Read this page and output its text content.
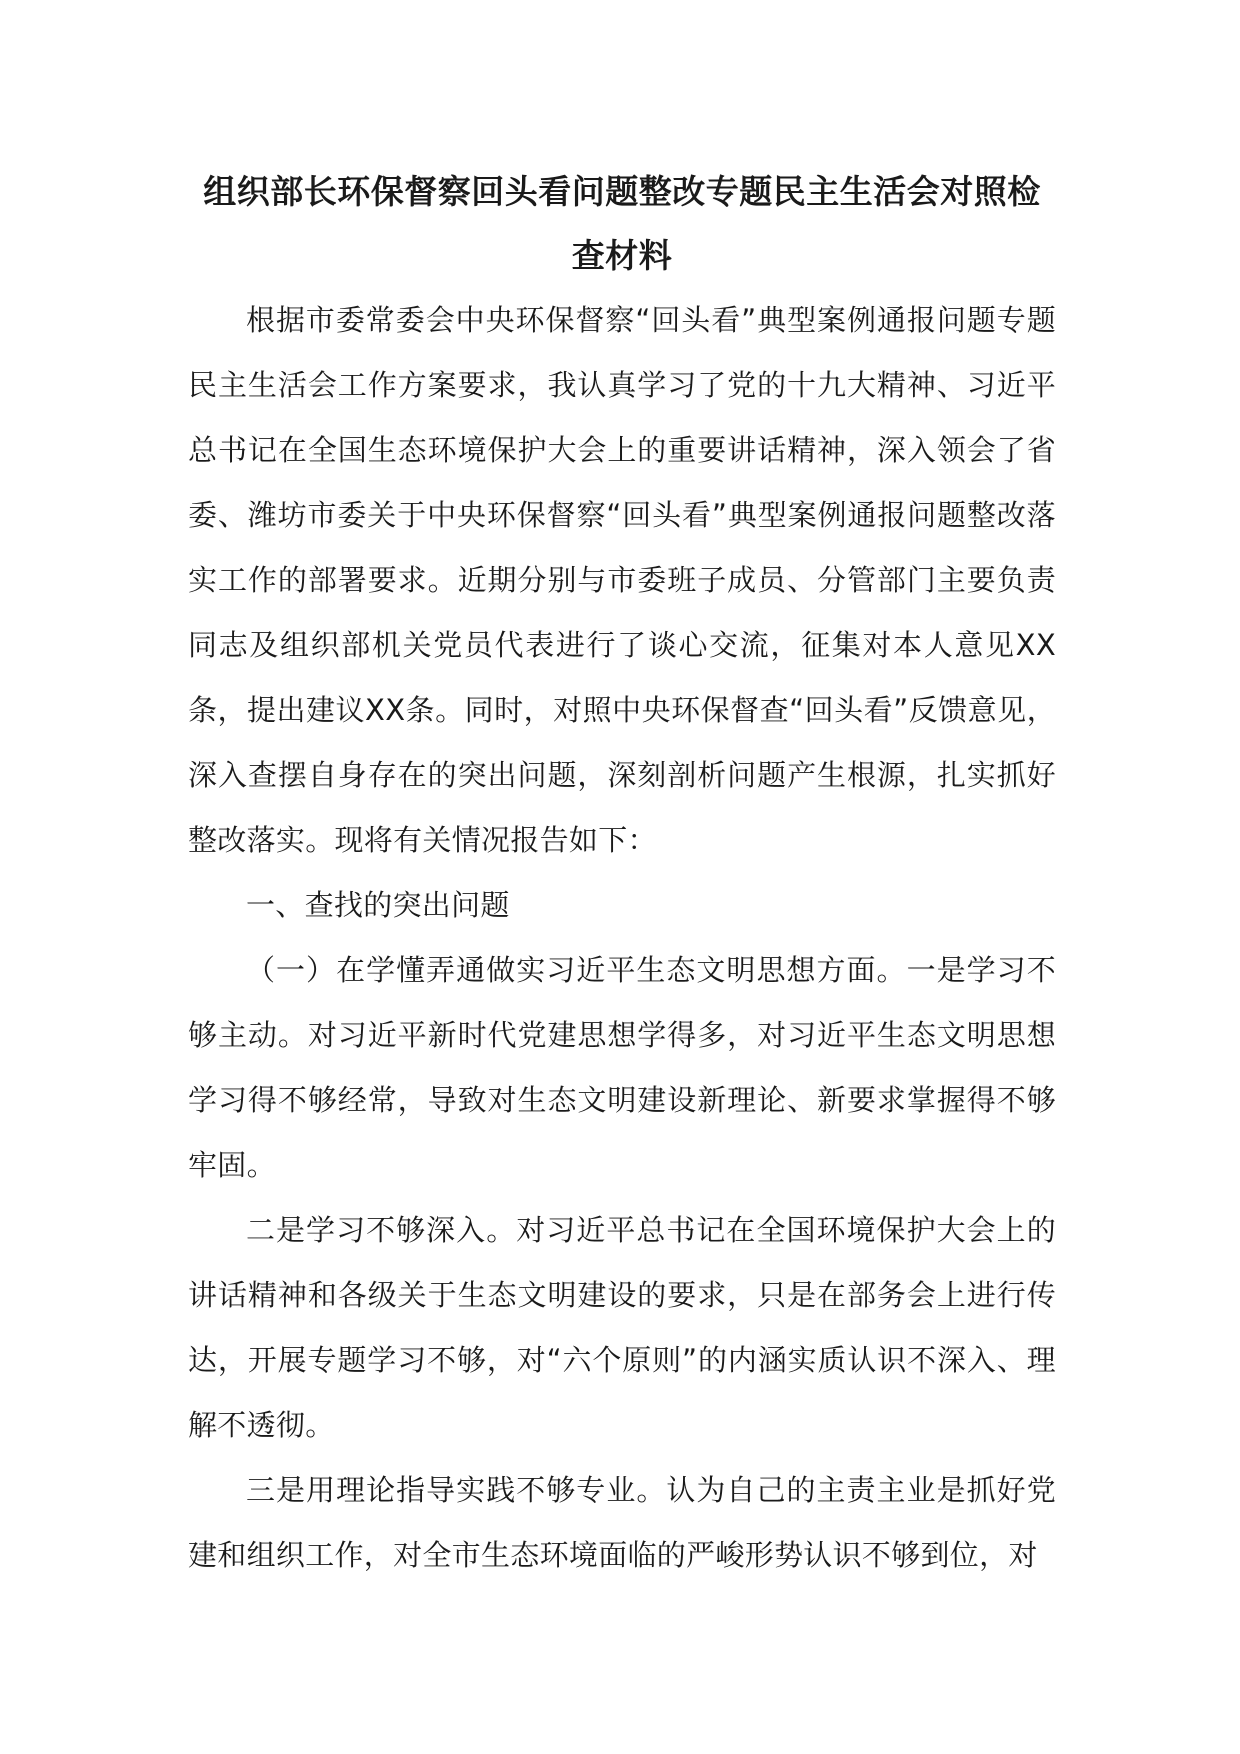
组织部长环保督察回头看问题整改专题民主生活会对照检查材料

根据市委常委会中央环保督察“回头看”典型案例通报问题专题民主生活会工作方案要求，我认真学习了党的十九大精神、习近平总书记在全国生态环境保护大会上的重要讲话精神，深入领会了省委、潍坊市委关于中央环保督察“回头看”典型案例通报问题整改落实工作的部署要求。近期分别与市委班子成员、分管部门主要负责同志及组织部机关党员代表进行了谈心交流，征集对本人意见XX条，提出建议XX条。同时，对照中央环保督查“回头看”反馈意见，深入查摆自身存在的突出问题，深刻剖析问题产生根源，扎实抓好整改落实。现将有关情况报告如下：

一、查找的突出问题

（一）在学懂弄通做实习近平生态文明思想方面。一是学习不够主动。对习近平新时代党建思想学得多，对习近平生态文明思想学习得不够经常，导致对生态文明建设新理论、新要求掌握得不够牢固。

二是学习不够深入。对习近平总书记在全国环境保护大会上的讲话精神和各级关于生态文明建设的要求，只是在部务会上进行传达，开展专题学习不够，对“六个原则”的内涵实质认识不深入、理解不透彻。

三是用理论指导实践不够专业。认为自己的主责主业是抓好党建和组织工作，对全市生态环境面临的严峻形势认识不够到位，对
